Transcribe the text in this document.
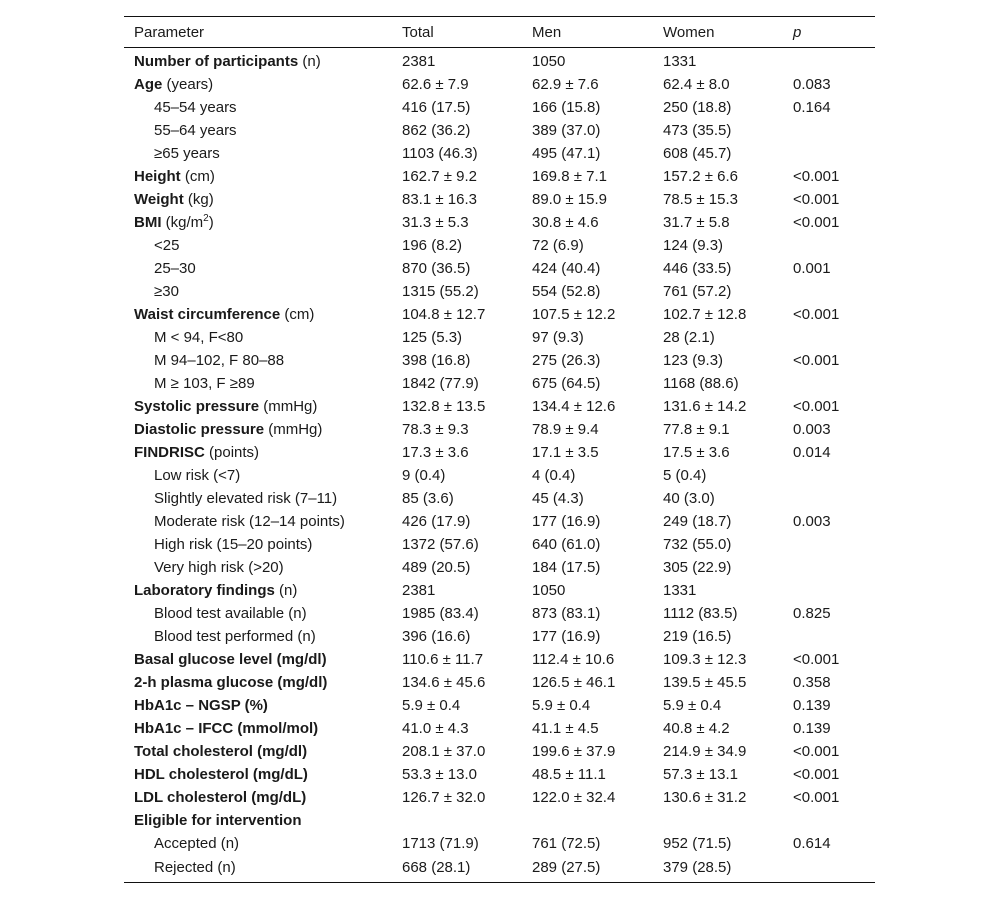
Parameter	Total	Men	Women	p
Number of participants (n)	2381	1050	1331	
Age (years)	62.6 ± 7.9	62.9 ± 7.6	62.4 ± 8.0	0.083
45–54 years	416 (17.5)	166 (15.8)	250 (18.8)	0.164
55–64 years	862 (36.2)	389 (37.0)	473 (35.5)	
≥65 years	1103 (46.3)	495 (47.1)	608 (45.7)	
Height (cm)	162.7 ± 9.2	169.8 ± 7.1	157.2 ± 6.6	<0.001
Weight (kg)	83.1 ± 16.3	89.0 ± 15.9	78.5 ± 15.3	<0.001
BMI $(kg/m^2)$	31.3 ± 5.3	30.8 ± 4.6	31.7 ± 5.8	<0.001
<25	196 (8.2)	72 (6.9)	124 (9.3)	
25–30	870 (36.5)	424 (40.4)	446 (33.5)	0.001
≥30	1315 (55.2)	554 (52.8)	761 (57.2)	
Waist circumference (cm)	104.8 ± 12.7	107.5 ± 12.2	102.7 ± 12.8	<0.001
M < 94, F<80	125 (5.3)	97 (9.3)	28 (2.1)	
M 94–102, F 80–88	398 (16.8)	275 (26.3)	123 (9.3)	<0.001
M ≥ 103, F ≥89	1842 (77.9)	675 (64.5)	1168 (88.6)	
Systolic pressure (mmHg)	132.8 ± 13.5	134.4 ± 12.6	131.6 ± 14.2	<0.001
Diastolic pressure (mmHg)	78.3 ± 9.3	78.9 ± 9.4	77.8 ± 9.1	0.003
FINDRISC (points)	17.3 ± 3.6	17.1 ± 3.5	17.5 ± 3.6	0.014
Low risk (<7)	9 (0.4)	4 (0.4)	5 (0.4)	
Slightly elevated risk (7–11)	85 (3.6)	45 (4.3)	40 (3.0)	
Moderate risk (12–14 points)	426 (17.9)	177 (16.9)	249 (18.7)	0.003
High risk (15–20 points)	1372 (57.6)	640 (61.0)	732 (55.0)	
Very high risk (>20)	489 (20.5)	184 (17.5)	305 (22.9)	
Laboratory findings (n)	2381	1050	1331	
Blood test available (n)	1985 (83.4)	873 (83.1)	1112 (83.5)	0.825
Blood test performed (n)	396 (16.6)	177 (16.9)	219 (16.5)	
Basal glucose level (mg/dl)	110.6 ± 11.7	112.4 ± 10.6	109.3 ± 12.3	<0.001
2-h plasma glucose (mg/dl)	134.6 ± 45.6	126.5 ± 46.1	139.5 ± 45.5	0.358
HbA1c – NGSP (%)	5.9 ± 0.4	5.9 ± 0.4	5.9 ± 0.4	0.139
HbA1c – IFCC (mmol/mol)	41.0 ± 4.3	41.1 ± 4.5	40.8 ± 4.2	0.139
Total cholesterol (mg/dl)	208.1 ± 37.0	199.6 ± 37.9	214.9 ± 34.9	<0.001
HDL cholesterol (mg/dL)	53.3 ± 13.0	48.5 ± 11.1	57.3 ± 13.1	<0.001
LDL cholesterol (mg/dL)	126.7 ± 32.0	122.0 ± 32.4	130.6 ± 31.2	<0.001
Eligible for intervention				
Accepted (n)	1713 (71.9)	761 (72.5)	952 (71.5)	0.614
Rejected (n)	668 (28.1)	289 (27.5)	379 (28.5)	
